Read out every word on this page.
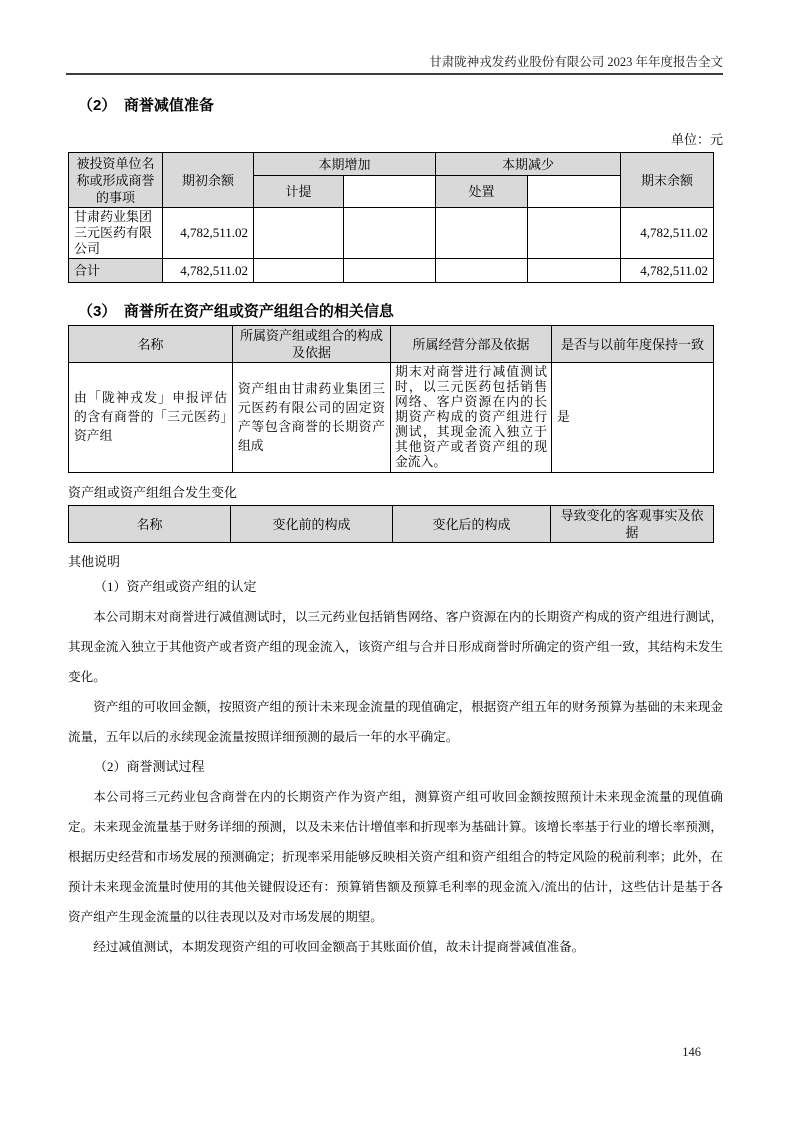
甘肃陇神戎发药业股份有限公司 2023 年年度报告全文
（2）　商誉减值准备
单位：元
被投资单位名称或形成商誉的事项	期初余额	本期增加		本期减少		期末余额
		计提		处置		
甘肃药业集团三元医药有限公司	4,782,511.02					4,782,511.02
合计	4,782,511.02					4,782,511.02
（3）　商誉所在资产组或资产组组合的相关信息
名称	所属资产组或组合的构成及依据	所属经营分部及依据	是否与以前年度保持一致
由「陇神戎发」申报评估的含有商誉的「三元医药」资产组	资产组由甘肃药业集团三元医药有限公司的固定资产等包含商誉的长期资产组成	期末对商誉进行减值测试时，以三元医药包括销售网络、客户资源在内的长期资产构成的资产组进行测试，其现金流入独立于其他资产或者资产组的现金流入。	是

资产组或资产组组合发生变化

名称	变化前的构成	变化后的构成	导致变化的客观事实及依据

其他说明

（1）资产组或资产组的认定

本公司期末对商誉进行减值测试时，以三元药业包括销售网络、客户资源在内的长期资产构成的资产组进行测试，其现金流入独立于其他资产或者资产组的现金流入，该资产组与合并日形成商誉时所确定的资产组一致，其结构未发生变化。

资产组的可收回金额，按照资产组的预计未来现金流量的现值确定，根据资产组五年的财务预算为基础的未来现金流量，五年以后的永续现金流量按照详细预测的最后一年的水平确定。

（2）商誉测试过程

本公司将三元药业包含商誉在内的长期资产作为资产组，测算资产组可收回金额按照预计未来现金流量的现值确定。未来现金流量基于财务详细的预测，以及未来估计增值率和折现率为基础计算。该增长率基于行业的增长率预测，根据历史经营和市场发展的预测确定；折现率采用能够反映相关资产组和资产组组合的特定风险的税前利率；此外，在预计未来现金流量时使用的其他关键假设还有：预算销售额及预算毛利率的现金流入/流出的估计，这些估计是基于各资产组产生现金流量的以往表现以及对市场发展的期望。

经过减值测试，本期发现资产组的可收回金额高于其账面价值，故未计提商誉减值准备。

146
